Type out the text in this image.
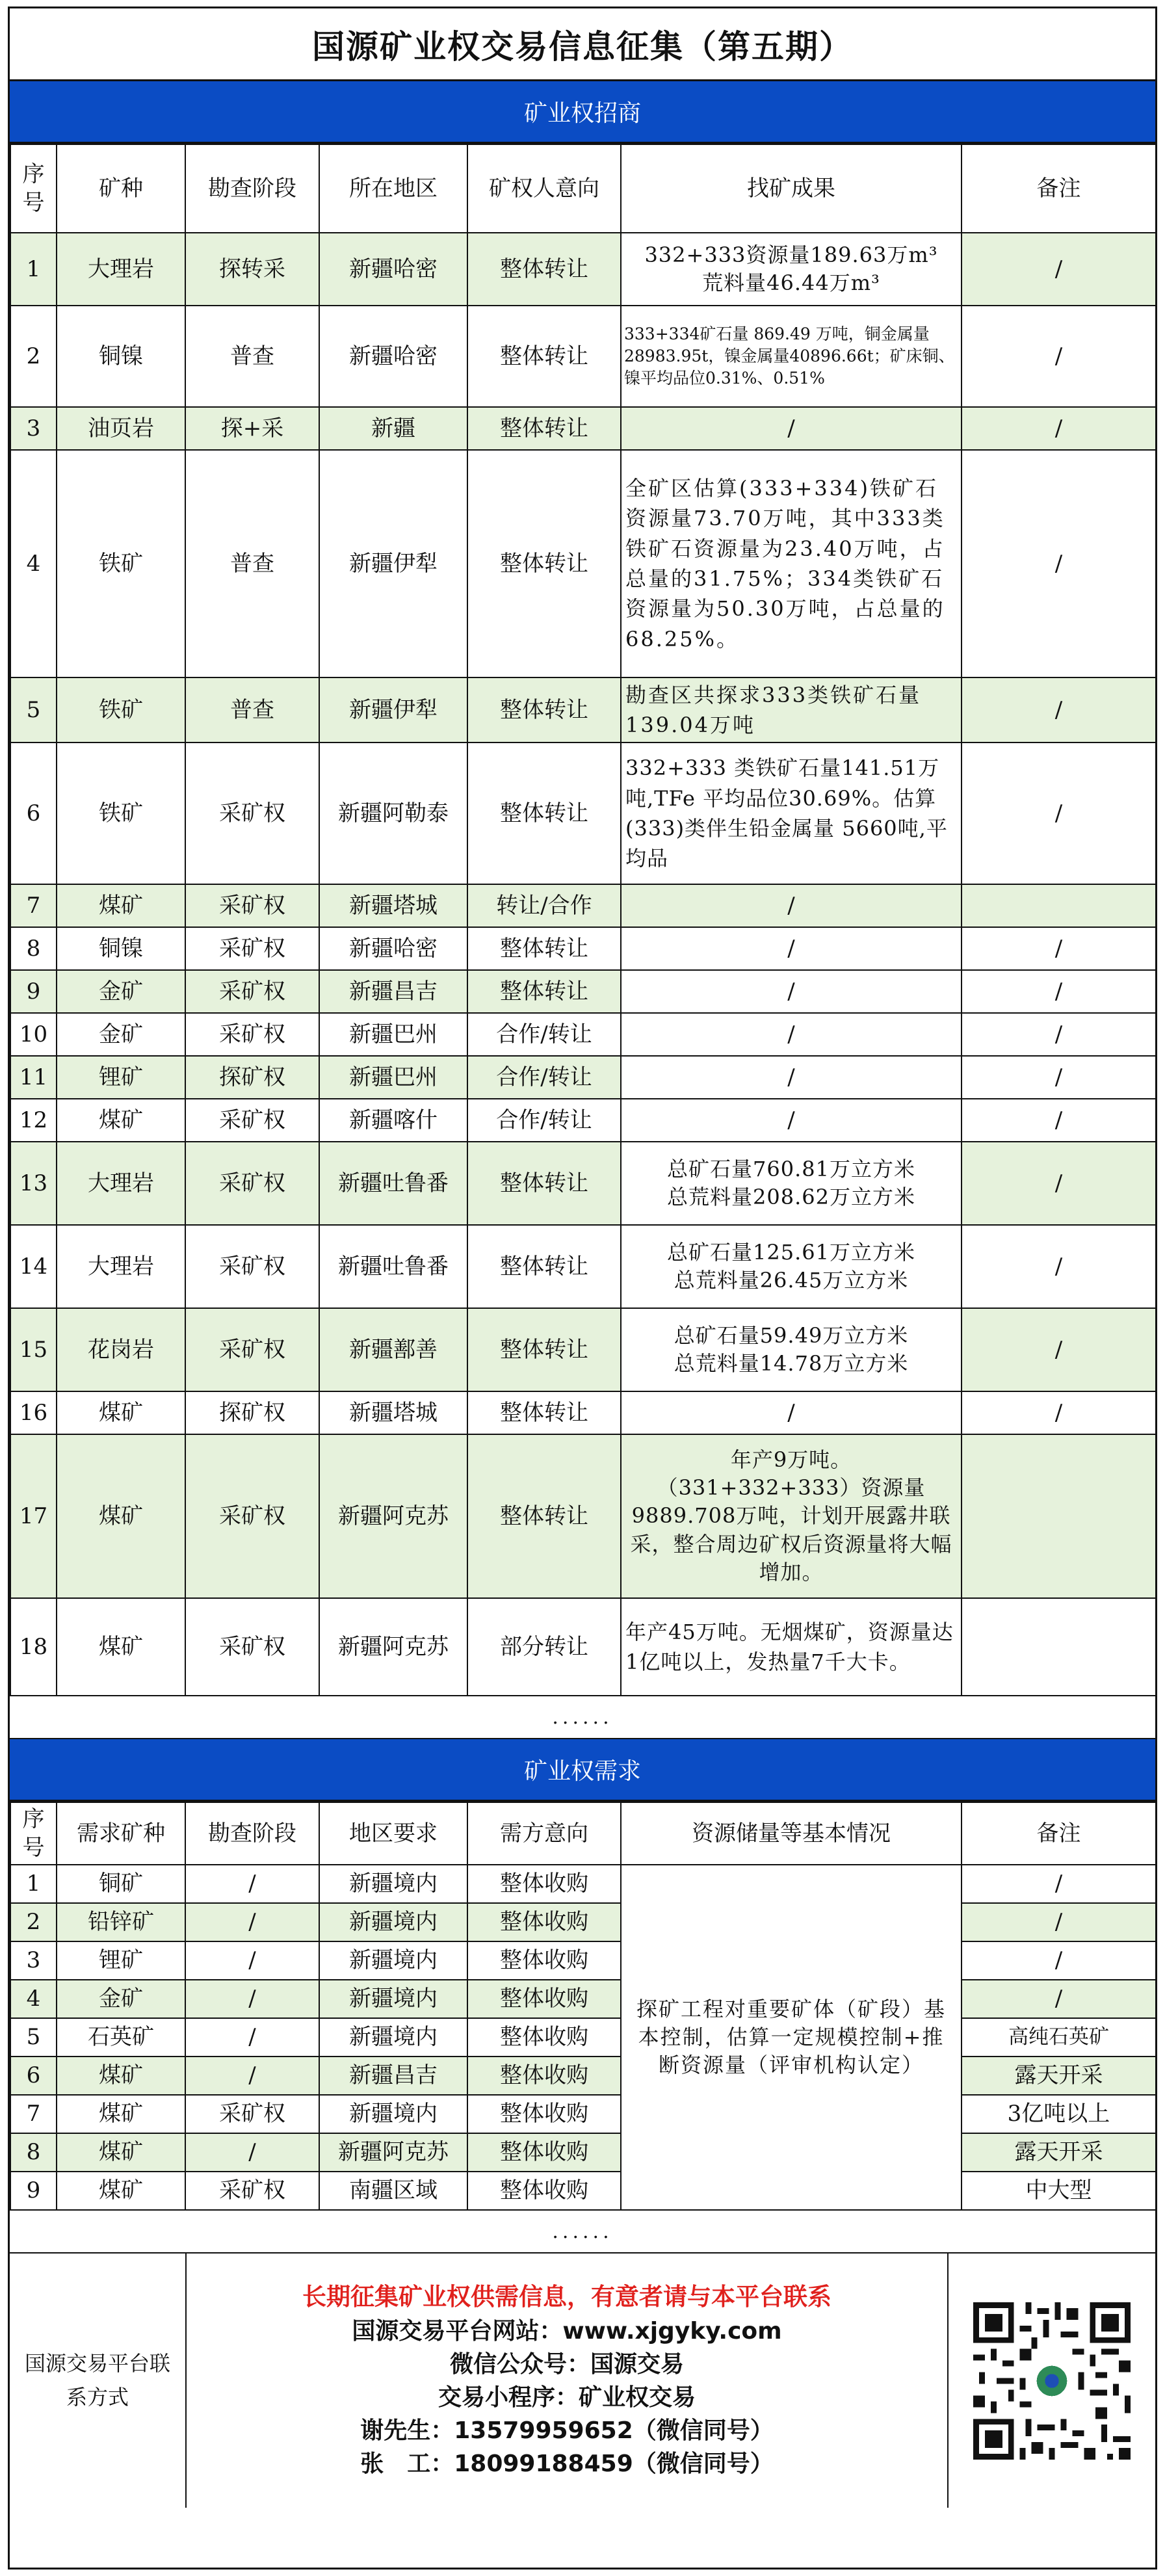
国源矿业权交易信息征集（第五期）
矿业权招商
序号	矿种	勘查阶段	所在地区	矿权人意向	找矿成果	备注
1	大理岩	探转采	新疆哈密	整体转让	332+333资源量189.63万m³
荒料量46.44万m³	/
2	铜镍	普查	新疆哈密	整体转让	333+334矿石量 869.49 万吨，铜金属量28983.95t，镍金属量40896.66t；矿床铜、镍平均品位0.31%、0.51%	/
3	油页岩	探+采	新疆	整体转让	/	/
4	铁矿	普查	新疆伊犁	整体转让	全矿区估算(333+334)铁矿石资源量73.70万吨，其中333类铁矿石资源量为23.40万吨，占总量的31.75%；334类铁矿石资源量为50.30万吨，占总量的68.25%。	/
5	铁矿	普查	新疆伊犁	整体转让	勘查区共探求333类铁矿石量139.04万吨	/
6	铁矿	采矿权	新疆阿勒泰	整体转让	332+333 类铁矿石量141.51万吨,TFe 平均品位30.69%。估算(333)类伴生铅金属量 5660吨,平均品	/
7	煤矿	采矿权	新疆塔城	转让/合作	/	
8	铜镍	采矿权	新疆哈密	整体转让	/	/
9	金矿	采矿权	新疆昌吉	整体转让	/	/
10	金矿	采矿权	新疆巴州	合作/转让	/	/
11	锂矿	探矿权	新疆巴州	合作/转让	/	/
12	煤矿	采矿权	新疆喀什	合作/转让	/	/
13	大理岩	采矿权	新疆吐鲁番	整体转让	总矿石量760.81万立方米
总荒料量208.62万立方米	/
14	大理岩	采矿权	新疆吐鲁番	整体转让	总矿石量125.61万立方米
总荒料量26.45万立方米	/
15	花岗岩	采矿权	新疆鄯善	整体转让	总矿石量59.49万立方米
总荒料量14.78万立方米	/
16	煤矿	探矿权	新疆塔城	整体转让	/	/
17	煤矿	采矿权	新疆阿克苏	整体转让	年产9万吨。
（331+332+333）资源量9889.708万吨，计划开展露井联采，整合周边矿权后资源量将大幅增加。	
18	煤矿	采矿权	新疆阿克苏	部分转让	年产45万吨。无烟煤矿，资源量达1亿吨以上，发热量7千大卡。	
......
矿业权需求
序号	需求矿种	勘查阶段	地区要求	需方意向	资源储量等基本情况	备注
1	铜矿	/	新疆境内	整体收购	探矿工程对重要矿体（矿段）基本控制，估算一定规模控制+推断资源量（评审机构认定）	/
2	铅锌矿	/	新疆境内	整体收购		/
3	锂矿	/	新疆境内	整体收购		/
4	金矿	/	新疆境内	整体收购		/
5	石英矿	/	新疆境内	整体收购		高纯石英矿
6	煤矿	/	新疆昌吉	整体收购		露天开采
7	煤矿	采矿权	新疆境内	整体收购		3亿吨以上
8	煤矿	/	新疆阿克苏	整体收购		露天开采
9	煤矿	采矿权	南疆区域	整体收购		中大型
......
国源交易平台联系方式
长期征集矿业权供需信息，有意者请与本平台联系
国源交易平台网站：www.xjgyky.com
微信公众号：国源交易
交易小程序：矿业权交易
谢先生：13579959652（微信同号）
张　工：18099188459（微信同号）
